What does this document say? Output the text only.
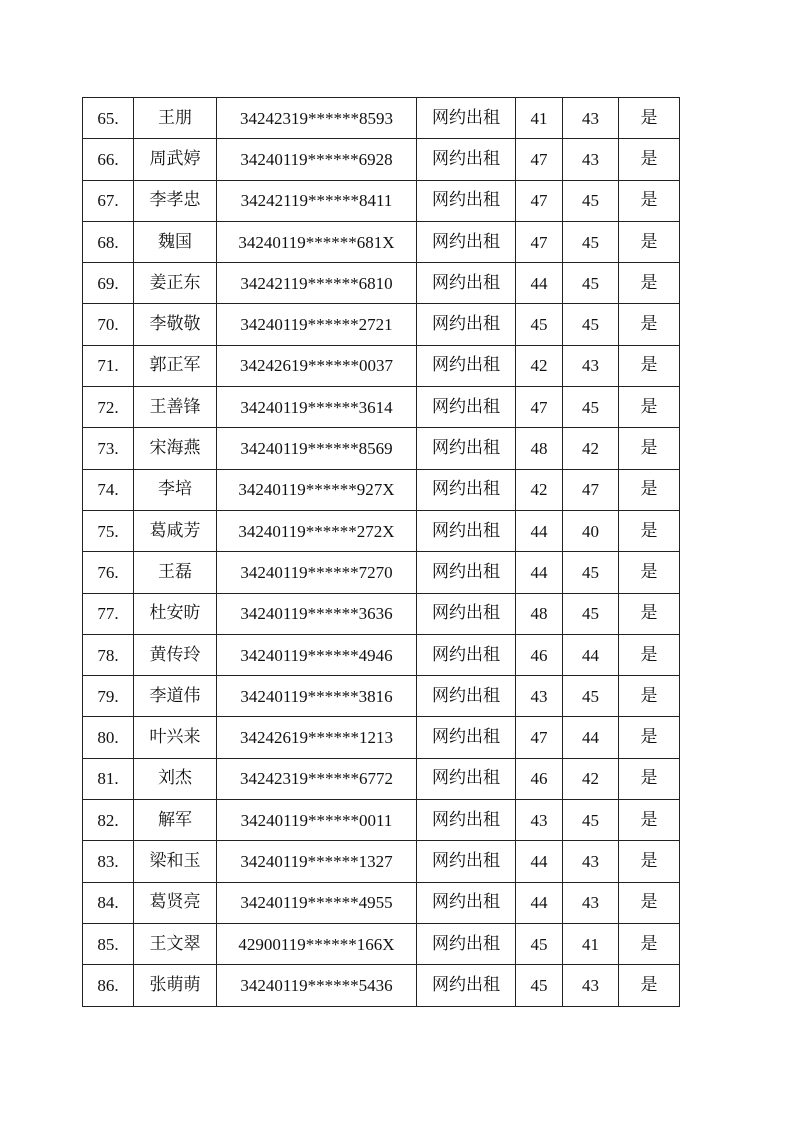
65.	王朋	34242319******8593	网约出租	41	43	是
66.	周武婷	34240119******6928	网约出租	47	43	是
67.	李孝忠	34242119******8411	网约出租	47	45	是
68.	魏国	34240119******681X	网约出租	47	45	是
69.	姜正东	34242119******6810	网约出租	44	45	是
70.	李敬敬	34240119******2721	网约出租	45	45	是
71.	郭正军	34242619******0037	网约出租	42	43	是
72.	王善锋	34240119******3614	网约出租	47	45	是
73.	宋海燕	34240119******8569	网约出租	48	42	是
74.	李培	34240119******927X	网约出租	42	47	是
75.	葛咸芳	34240119******272X	网约出租	44	40	是
76.	王磊	34240119******7270	网约出租	44	45	是
77.	杜安昉	34240119******3636	网约出租	48	45	是
78.	黄传玲	34240119******4946	网约出租	46	44	是
79.	李道伟	34240119******3816	网约出租	43	45	是
80.	叶兴来	34242619******1213	网约出租	47	44	是
81.	刘杰	34242319******6772	网约出租	46	42	是
82.	解军	34240119******0011	网约出租	43	45	是
83.	梁和玉	34240119******1327	网约出租	44	43	是
84.	葛贤亮	34240119******4955	网约出租	44	43	是
85.	王文翠	42900119******166X	网约出租	45	41	是
86.	张萌萌	34240119******5436	网约出租	45	43	是
